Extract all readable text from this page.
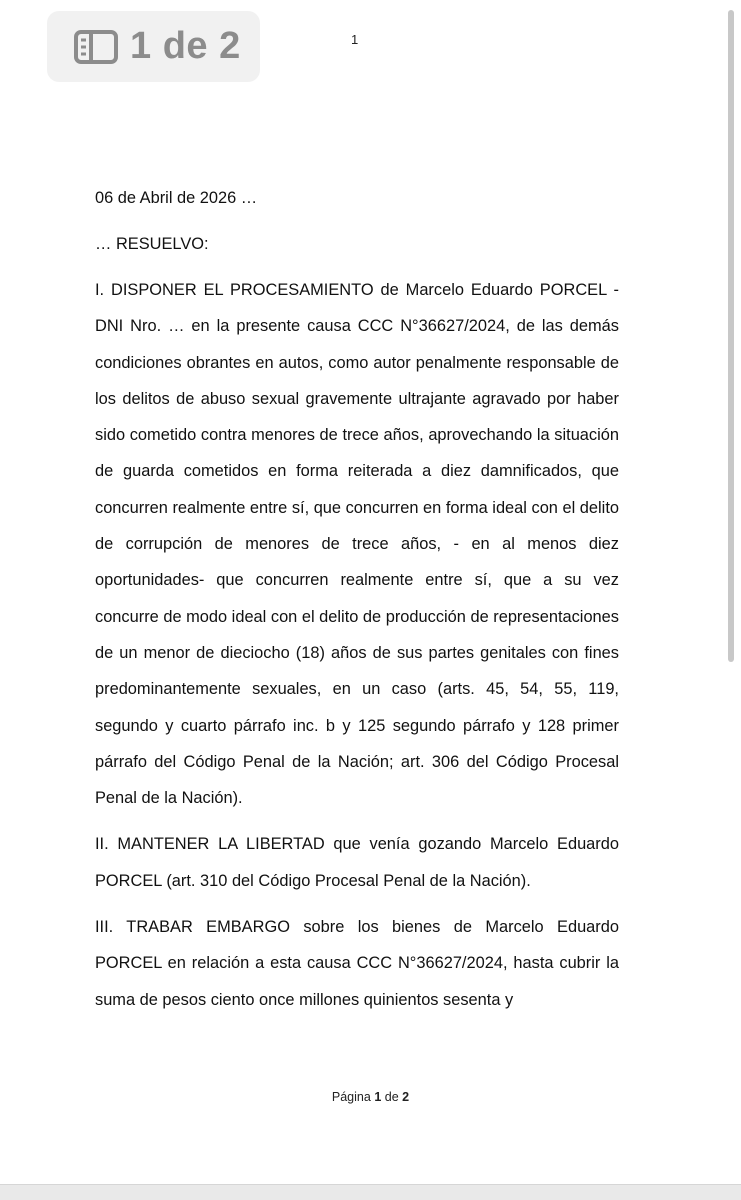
1 de 2	1

06 de Abril de 2026 …

… RESUELVO:

I. DISPONER EL PROCESAMIENTO de Marcelo Eduardo PORCEL - DNI Nro. … en la presente causa CCC N°36627/2024, de las demás condiciones obrantes en autos, como autor penalmente responsable de los delitos de abuso sexual gravemente ultrajante agravado por haber sido cometido contra menores de trece años, aprovechando la situación de guarda cometidos en forma reiterada a diez damnificados, que concurren realmente entre sí, que concurren en forma ideal con el delito de corrupción de menores de trece años, - en al menos diez oportunidades- que concurren realmente entre sí, que a su vez concurre de modo ideal con el delito de producción de representaciones de un menor de dieciocho (18) años de sus partes genitales con fines predominantemente sexuales, en un caso (arts. 45, 54, 55, 119, segundo y cuarto párrafo inc. b y 125 segundo párrafo y 128 primer párrafo del Código Penal de la Nación; art. 306 del Código Procesal Penal de la Nación).

II. MANTENER LA LIBERTAD que venía gozando Marcelo Eduardo PORCEL (art. 310 del Código Procesal Penal de la Nación).

III. TRABAR EMBARGO sobre los bienes de Marcelo Eduardo PORCEL en relación a esta causa CCC N°36627/2024, hasta cubrir la suma de pesos ciento once millones quinientos sesenta y

Página 1 de 2
